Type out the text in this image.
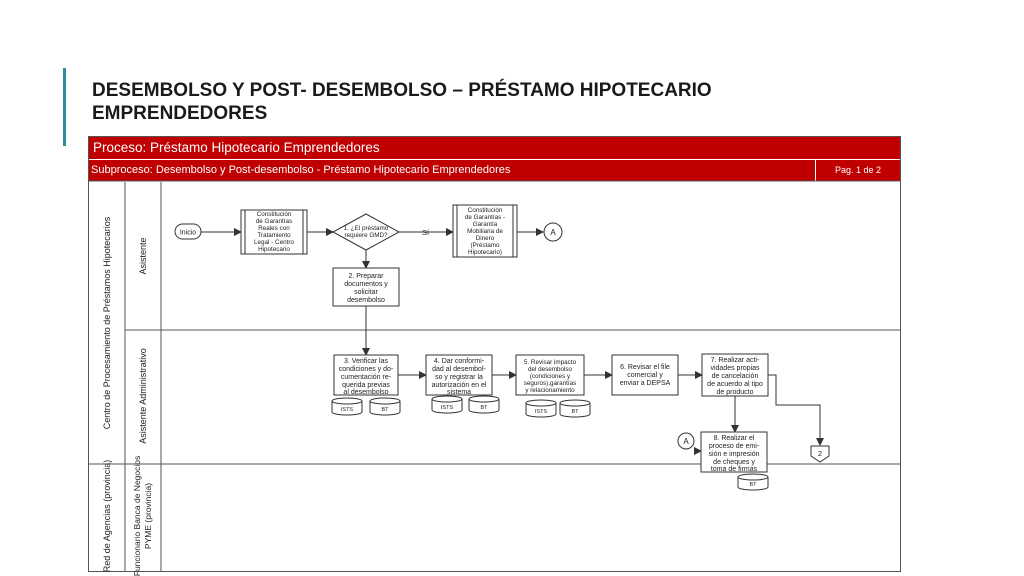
DESEMBOLSO Y POST- DESEMBOLSO – PRÉSTAMO HIPOTECARIO
EMPRENDEDORES
Proceso: Préstamo Hipotecario Emprendedores
Subproceso: Desembolso y Post-desembolso - Préstamo Hipotecario Emprendedores	Pag. 1 de 2
Centro de Procesamiento de Préstamos Hipotecarios
Red de Agencias (provincia)
Asistente
Asistente Administrativo
Funcionario Banca de Negocios PYME (provincia)
Inicio
Constitución
de Garantías
Reales con
Tratamiento
Legal - Centro
Hipotecario
1. ¿El préstamo
requiere GMD?	Sí
Constitución
de Garantías -
Garantía
Mobiliaria de
Dinero
(Préstamo
Hipotecario)
A
2. Preparar
documentos y
solicitar
desembolso
3. Verificar las
condiciones y do-
cumentación re-
querida previas
al desembolso
4. Dar conformi-
dad al desembol-
so y registrar la
autorización en el
sistema
5. Revisar impacto
del desembolso
(condiciones y
seguros),garantías
y relacionamiento
6. Revisar el file
comercial y
enviar a DEPSA
7. Realizar acti-
vidades propias
de cancelación
de acuerdo al tipo
de producto
8. Realizar el
proceso de emi-
sión e impresión
de cheques y
toma de firmas
A
2
ISTS	BT	ISTS	BT
ISTS	BT
BT
